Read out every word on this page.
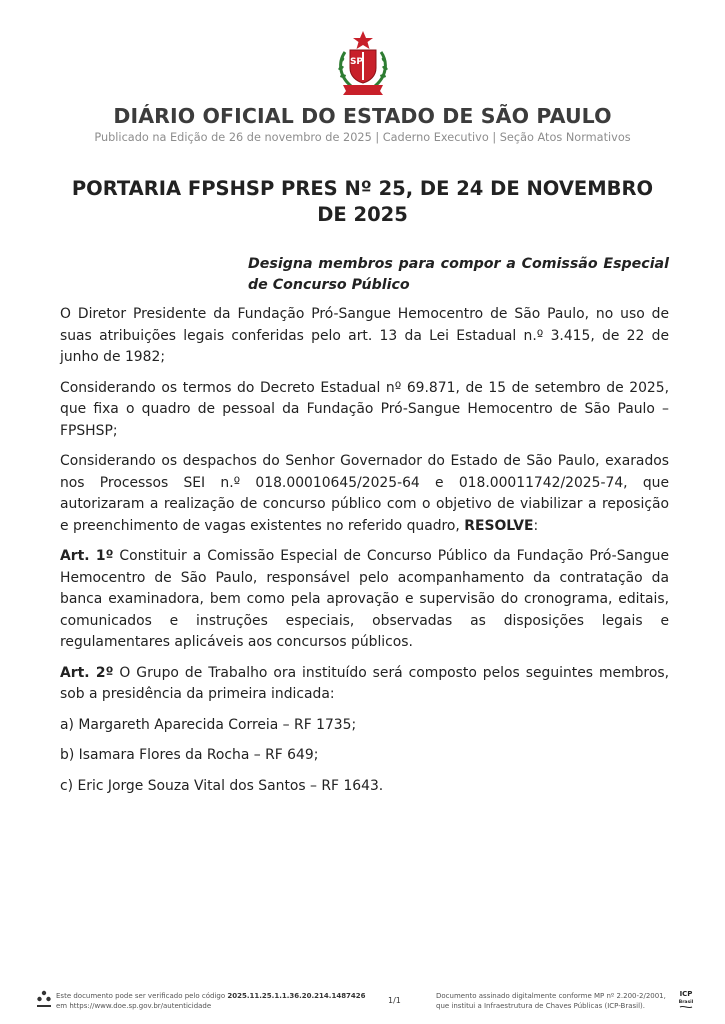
SP
DIÁRIO OFICIAL DO ESTADO DE SÃO PAULO
Publicado na Edição de 26 de novembro de 2025 | Caderno Executivo | Seção Atos Normativos
PORTARIA FPSHSP PRES Nº 25, DE 24 DE NOVEMBRO DE 2025
Designa membros para compor a Comissão Especial de Concurso Público

O Diretor Presidente da Fundação Pró-Sangue Hemocentro de São Paulo, no uso de suas atribuições legais conferidas pelo art. 13 da Lei Estadual n.º 3.415, de 22 de junho de 1982;

Considerando os termos do Decreto Estadual nº 69.871, de 15 de setembro de 2025, que fixa o quadro de pessoal da Fundação Pró-Sangue Hemocentro de São Paulo – FPSHSP;

Considerando os despachos do Senhor Governador do Estado de São Paulo, exarados nos Processos SEI n.º 018.00010645/2025-64 e 018.00011742/2025-74, que autorizaram a realização de concurso público com o objetivo de viabilizar a reposição e preenchimento de vagas existentes no referido quadro, RESOLVE:

Art. 1º Constituir a Comissão Especial de Concurso Público da Fundação Pró-Sangue Hemocentro de São Paulo, responsável pelo acompanhamento da contratação da banca examinadora, bem como pela aprovação e supervisão do cronograma, editais, comunicados e instruções especiais, observadas as disposições legais e regulamentares aplicáveis aos concursos públicos.

Art. 2º O Grupo de Trabalho ora instituído será composto pelos seguintes membros, sob a presidência da primeira indicada:

a) Margareth Aparecida Correia – RF 1735;

b) Isamara Flores da Rocha – RF 649;

c) Eric Jorge Souza Vital dos Santos – RF 1643.

Este documento pode ser verificado pelo código 2025.11.25.1.1.36.20.214.1487426
em https://www.doe.sp.gov.br/autenticidade
1/1	Documento assinado digitalmente conforme MP nº 2.200-2/2001,
que institui a Infraestrutura de Chaves Públicas (ICP-Brasil).
ICP
Brasil
